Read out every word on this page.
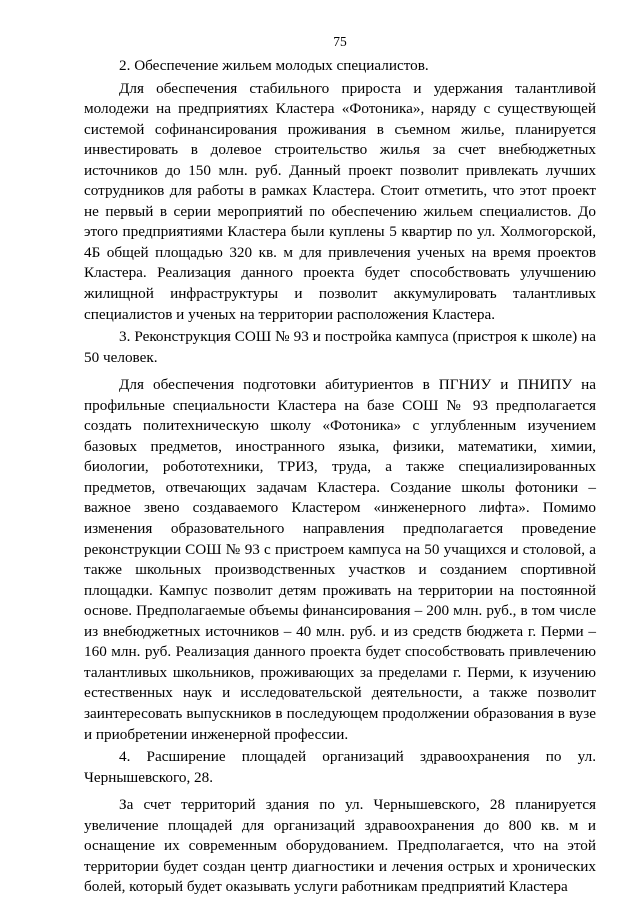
75

2. Обеспечение жильем молодых специалистов.

Для обеспечения стабильного прироста и удержания талантливой молодежи на предприятиях Кластера «Фотоника», наряду с существующей системой софинансирования проживания в съемном жилье, планируется инвестировать в долевое строительство жилья за счет внебюджетных источников до 150 млн. руб. Данный проект позволит привлекать лучших сотрудников для работы в рамках Кластера. Стоит отметить, что этот проект не первый в серии мероприятий по обеспечению жильем специалистов. До этого предприятиями Кластера были куплены 5 квартир по ул. Холмогорской, 4Б общей площадью 320 кв. м для привлечения ученых на время проектов Кластера. Реализация данного проекта будет способствовать улучшению жилищной инфраструктуры и позволит аккумулировать талантливых специалистов и ученых на территории расположения Кластера.

3. Реконструкция СОШ № 93 и постройка кампуса (пристроя к школе) на 50 человек.

Для обеспечения подготовки абитуриентов в ПГНИУ и ПНИПУ на профильные специальности Кластера на базе СОШ № 93 предполагается создать политехническую школу «Фотоника» с углубленным изучением базовых предметов, иностранного языка, физики, математики, химии, биологии, робототехники, ТРИЗ, труда, а также специализированных предметов, отвечающих задачам Кластера. Создание школы фотоники – важное звено создаваемого Кластером «инженерного лифта». Помимо изменения образовательного направления предполагается проведение реконструкции СОШ № 93 с пристроем кампуса на 50 учащихся и столовой, а также школьных производственных участков и созданием спортивной площадки. Кампус позволит детям проживать на территории на постоянной основе. Предполагаемые объемы финансирования – 200 млн. руб., в том числе из внебюджетных источников – 40 млн. руб. и из средств бюджета г. Перми – 160 млн. руб. Реализация данного проекта будет способствовать привлечению талантливых школьников, проживающих за пределами г. Перми, к изучению естественных наук и исследовательской деятельности, а также позволит заинтересовать выпускников в последующем продолжении образования в вузе и приобретении инженерной профессии.

4. Расширение площадей организаций здравоохранения по ул. Чернышевского, 28.

За счет территорий здания по ул. Чернышевского, 28 планируется увеличение площадей для организаций здравоохранения до 800 кв. м и оснащение их современным оборудованием. Предполагается, что на этой территории будет создан центр диагностики и лечения острых и хронических болей, который будет оказывать услуги работникам предприятий Кластера
